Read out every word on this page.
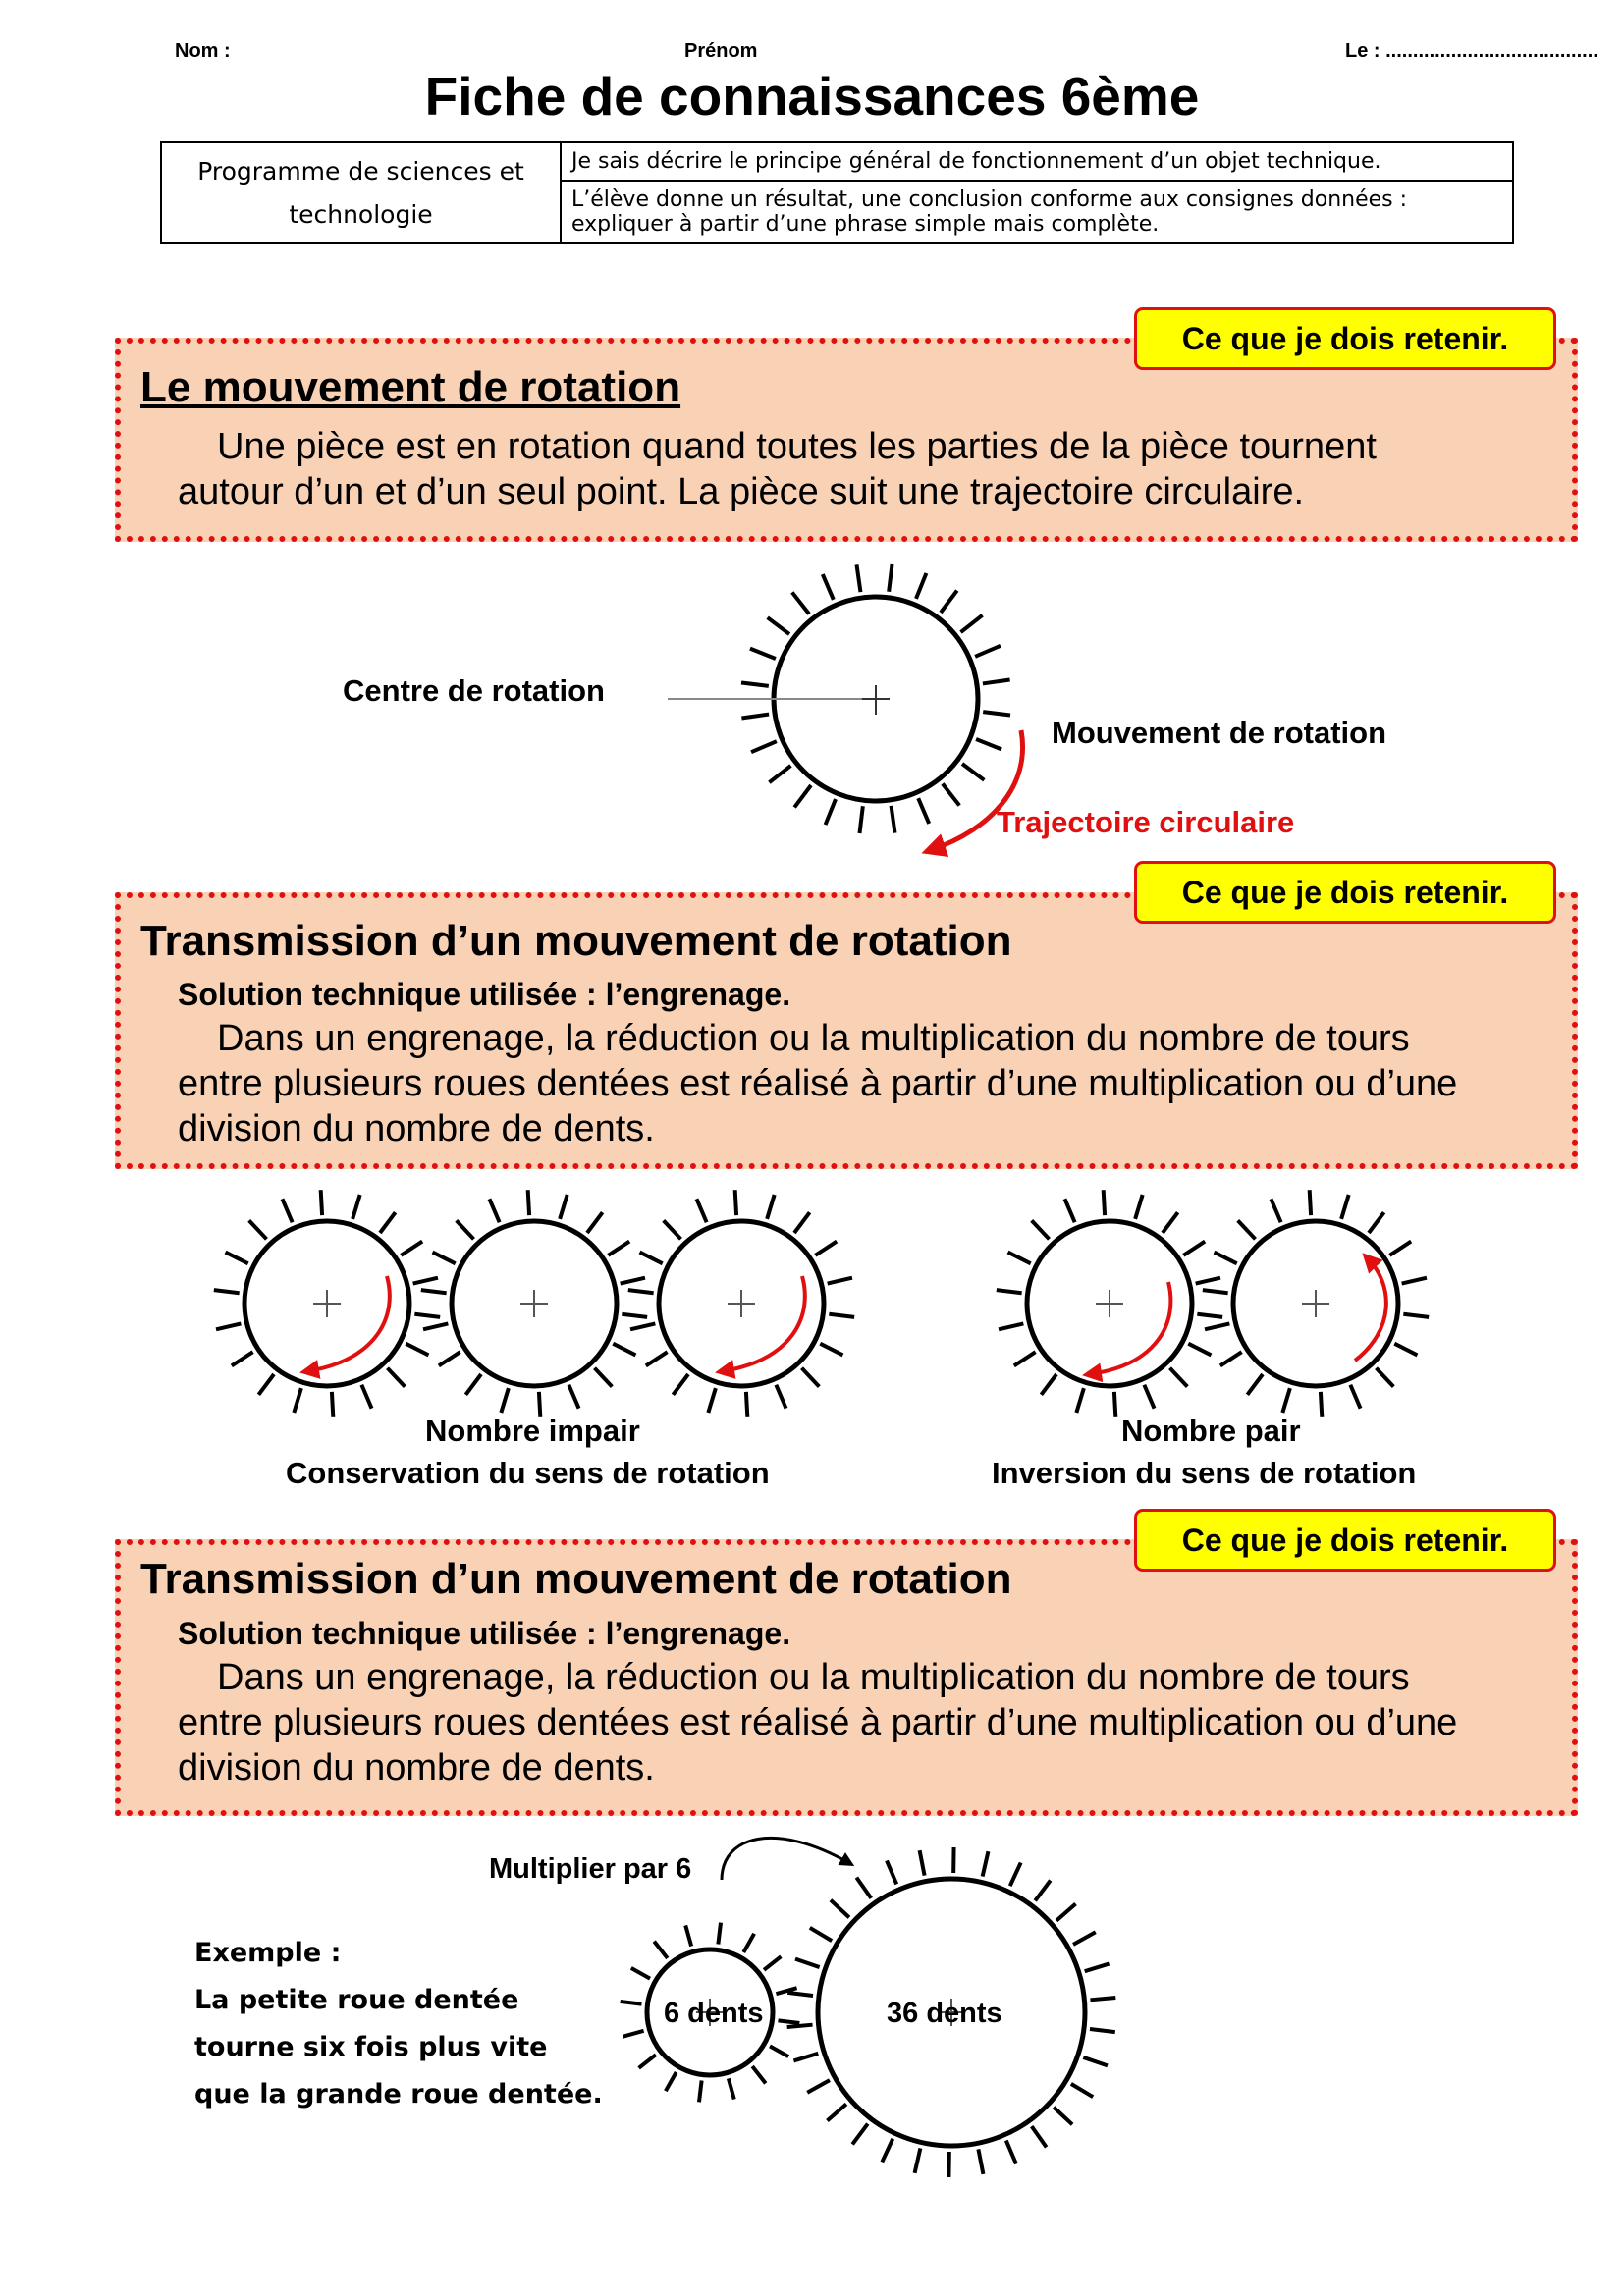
Nom :	Prénom	Le : .......................................
Fiche de connaissances 6ème
Programme de sciences et technologie	Je sais décrire le principe général de fonctionnement d’un objet technique.
L’élève donne un résultat, une conclusion conforme aux consignes données : expliquer à partir d’une phrase simple mais complète.
Le mouvement de rotation
Une pièce est en rotation quand toutes les parties de la pièce tournent
autour d’un et d’un seul point. La pièce suit une trajectoire circulaire.
Ce que je dois retenir.
Transmission d’un mouvement de rotation
Solution technique utilisée : l’engrenage.
Dans un engrenage, la réduction ou la multiplication du nombre de tours
entre plusieurs roues dentées est réalisé à partir d’une multiplication ou d’une
division du nombre de dents.
Ce que je dois retenir.
Transmission d’un mouvement de rotation
Solution technique utilisée : l’engrenage.
Dans un engrenage, la réduction ou la multiplication du nombre de tours
entre plusieurs roues dentées est réalisé à partir d’une multiplication ou d’une
division du nombre de dents.
Ce que je dois retenir.
Centre de rotation
Mouvement de rotation
Trajectoire circulaire
Nombre impair
Conservation du sens de rotation
Nombre pair
Inversion du sens de rotation
Multiplier par 6
6 dents	36 dents
Exemple :
La petite roue dentée
tourne six fois plus vite
que la grande roue dentée.
